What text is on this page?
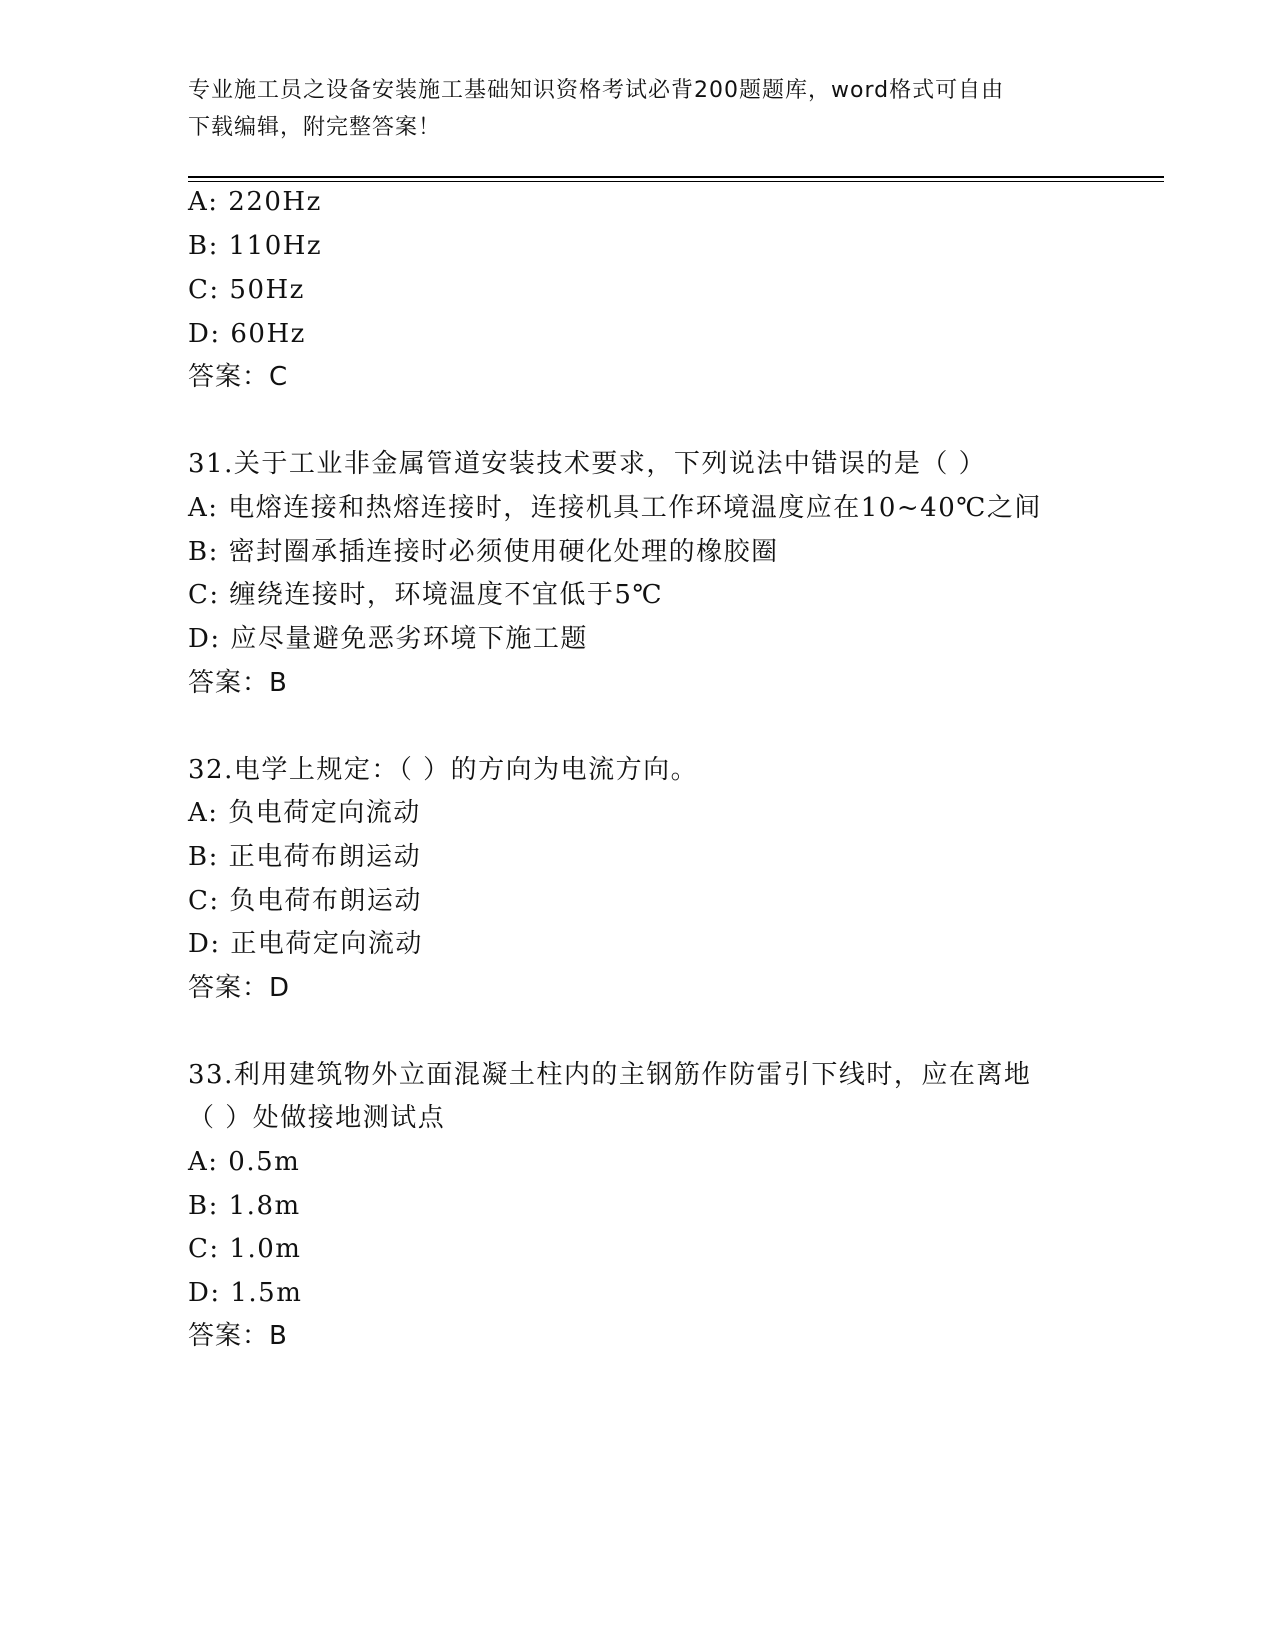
专业施工员之设备安装施工基础知识资格考试必背200题题库，word格式可自由
下载编辑，附完整答案！
A: 220Hz
B: 110Hz
C: 50Hz
D: 60Hz
答案：C
31.关于工业非金属管道安装技术要求，下列说法中错误的是（ ）
A: 电熔连接和热熔连接时，连接机具工作环境温度应在10~40℃之间
B: 密封圈承插连接时必须使用硬化处理的橡胶圈
C: 缠绕连接时，环境温度不宜低于5℃
D: 应尽量避免恶劣环境下施工题
答案：B
32.电学上规定：（ ）的方向为电流方向。
A: 负电荷定向流动
B: 正电荷布朗运动
C: 负电荷布朗运动
D: 正电荷定向流动
答案：D
33.利用建筑物外立面混凝土柱内的主钢筋作防雷引下线时，应在离地
（ ）处做接地测试点
A: 0.5m
B: 1.8m
C: 1.0m
D: 1.5m
答案：B
